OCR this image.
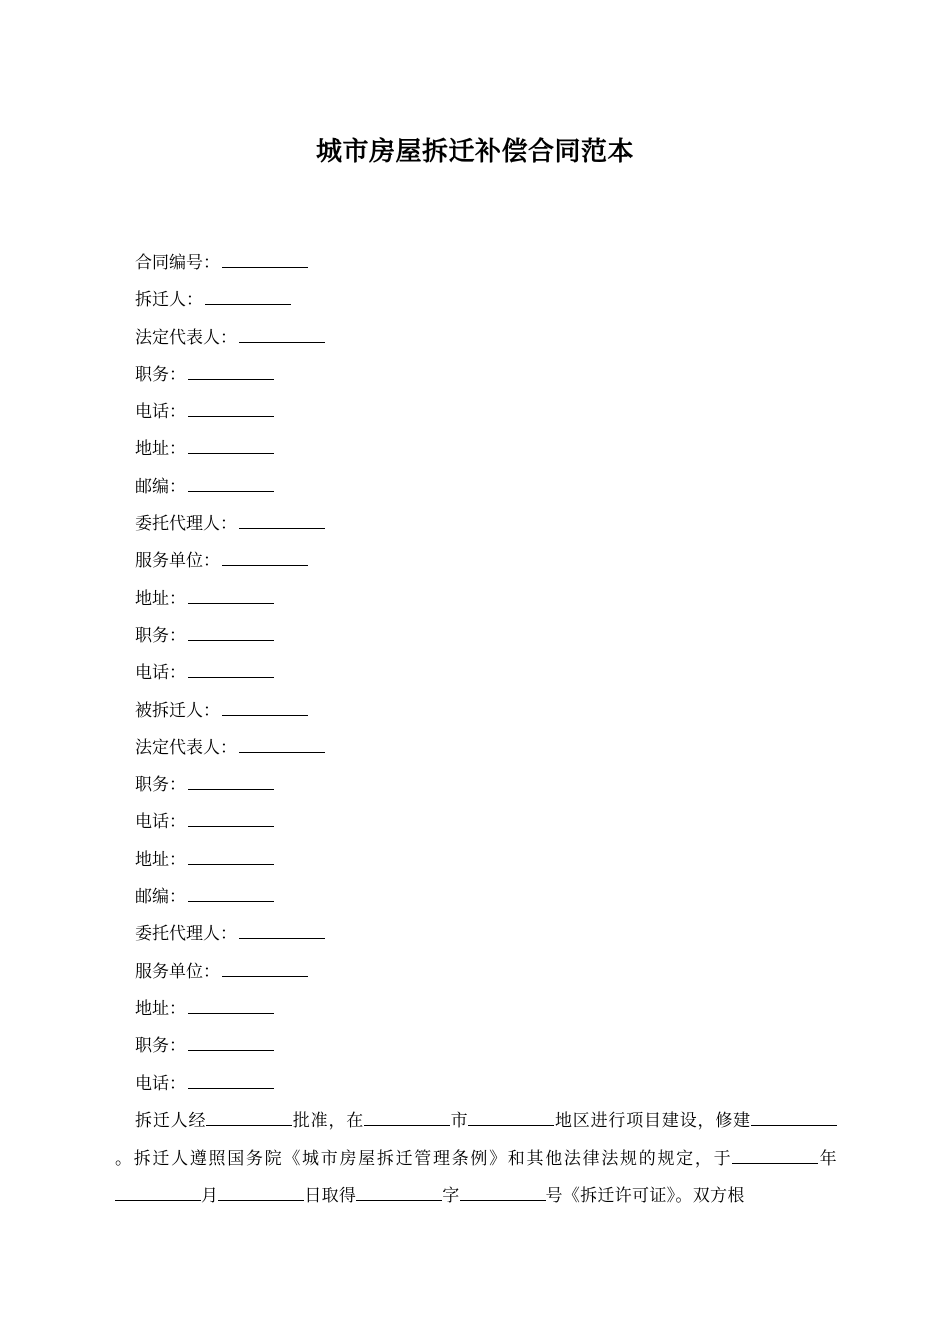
城市房屋拆迁补偿合同范本
合同编号：
拆迁人：
法定代表人：
职务：
电话：
地址：
邮编：
委托代理人：
服务单位：
地址：
职务：
电话：
被拆迁人：
法定代表人：
职务：
电话：
地址：
邮编：
委托代理人：
服务单位：
地址：
职务：
电话：
拆迁人经	批准，在	市	地区进行项目建设，修建。拆迁人遵照国务院《城市房屋拆迁管理条例》和其他法律法规的规定，于	年月	日取得	字	号《拆迁许可证》。双方根
